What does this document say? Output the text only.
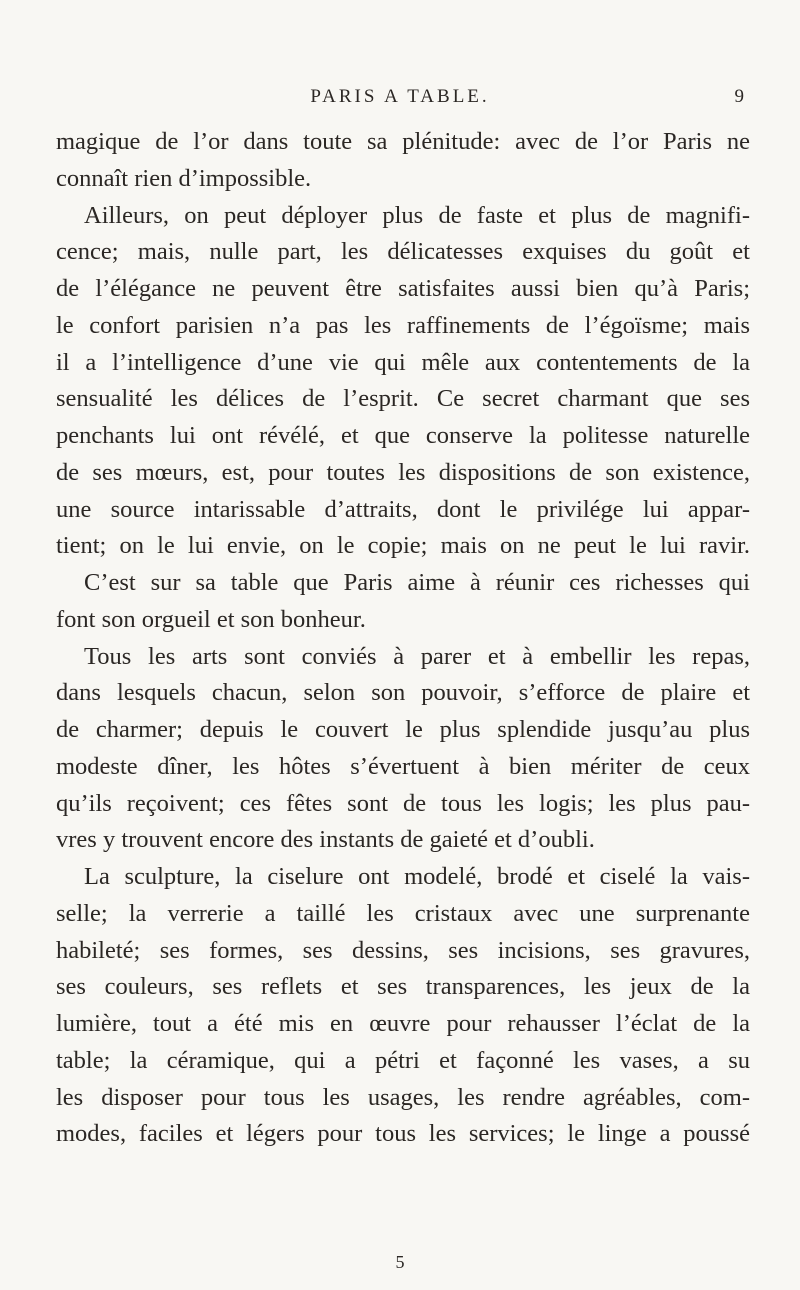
PARIS A TABLE.	9
magique de l’or dans toute sa plénitude: avec de l’or Paris ne
connaît rien d’impossible.
Ailleurs, on peut déployer plus de faste et plus de magnifi-
cence; mais, nulle part, les délicatesses exquises du goût et
de l’élégance ne peuvent être satisfaites aussi bien qu’à Paris;
le confort parisien n’a pas les raffinements de l’égoïsme; mais
il a l’intelligence d’une vie qui mêle aux contentements de la
sensualité les délices de l’esprit. Ce secret charmant que ses
penchants lui ont révélé, et que conserve la politesse naturelle
de ses mœurs, est, pour toutes les dispositions de son existence,
une source intarissable d’attraits, dont le privilége lui appar-
tient; on le lui envie, on le copie; mais on ne peut le lui ravir.
C’est sur sa table que Paris aime à réunir ces richesses qui
font son orgueil et son bonheur.
Tous les arts sont conviés à parer et à embellir les repas,
dans lesquels chacun, selon son pouvoir, s’efforce de plaire et
de charmer; depuis le couvert le plus splendide jusqu’au plus
modeste dîner, les hôtes s’évertuent à bien mériter de ceux
qu’ils reçoivent; ces fêtes sont de tous les logis; les plus pau-
vres y trouvent encore des instants de gaieté et d’oubli.
La sculpture, la ciselure ont modelé, brodé et ciselé la vais-
selle; la verrerie a taillé les cristaux avec une surprenante
habileté; ses formes, ses dessins, ses incisions, ses gravures,
ses couleurs, ses reflets et ses transparences, les jeux de la
lumière, tout a été mis en œuvre pour rehausser l’éclat de la
table; la céramique, qui a pétri et façonné les vases, a su
les disposer pour tous les usages, les rendre agréables, com-
modes, faciles et légers pour tous les services; le linge a poussé
5
